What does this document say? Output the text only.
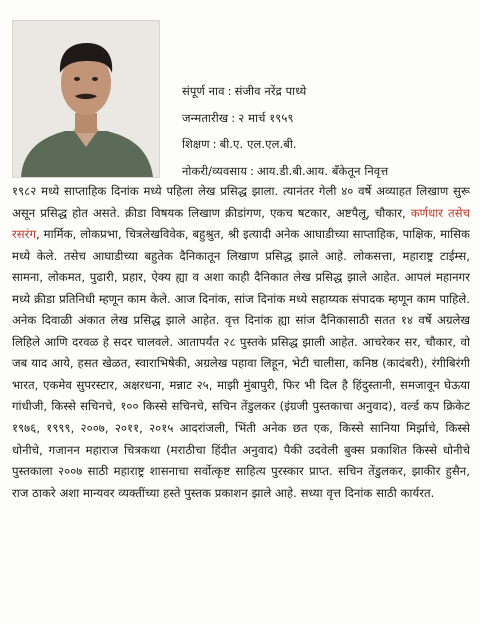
संपूर्ण नाव : संजीव नरेंद्र पाध्ये
जन्मतारीख : २ मार्च १९५९
शिक्षण : बी.ए. एल.एल.बी.
नोकरी/व्यवसाय : आय.डी.बी.आय. बँकेतून निवृत्त

१९८२ मध्ये साप्ताहिक दिनांक मध्ये पहिला लेख प्रसिद्ध झाला. त्यानंतर गेली ४० वर्षे अव्याहत लिखाण सुरू असून प्रसिद्ध होत असते. क्रीडा विषयक लिखाण क्रीडांगण, एकच षटकार, अष्टपैलू, चौकार, कर्णधार तसेच रसरंग, मार्मिक, लोकप्रभा, चित्रलेखविवेक, बहुश्रुत, श्री इत्यादी अनेक आघाडीच्या साप्ताहिक, पाक्षिक, मासिक मध्ये केले. तसेच आघाडीच्या बहुतेक दैनिकातून लिखाण प्रसिद्ध झाले आहे. लोकसत्ता, महाराष्ट्र टाईम्स, सामना, लोकमत, पुढारी, प्रहार, ऐक्य ह्या व अशा काही दैनिकात लेख प्रसिद्ध झाले आहेत. आपलं महानगर मध्ये क्रीडा प्रतिनिधी म्हणून काम केले. आज दिनांक, सांज दिनांक मध्ये सहाय्यक संपादक म्हणून काम पाहिले. अनेक दिवाळी अंकात लेख प्रसिद्ध झाले आहेत. वृत्त दिनांक ह्या सांज दैनिकासाठी सतत १४ वर्षे अग्रलेख लिहिले आणि दरवळ हे सदर चालवले. आतापर्यंत २८ पुस्तके प्रसिद्ध झाली आहेत. आचरेकर सर, चौकार, वो जब याद आये, हसत खेळत, स्वाराभिषेकी, अग्रलेख पहावा लिहून, भेटी चालीसा, कनिष्ठ (कादंबरी), रंगीबिरंगी भारत, एकमेव सुपरस्टार, अक्षरधना, मन्नाट २५, माझी मुंबापुरी, फिर भी दिल है हिंदुस्तानी, समजावून घेऊया गांधीजी, किस्से सचिनचे, १०० किस्से सचिनचे, सचिन तेंडुलकर (इंग्रजी पुस्तकाचा अनुवाद), वर्ल्ड कप क्रिकेट १९७६, १९९९, २००७, २०११, २०१५ आदरांजली, भिंती अनेक छत एक, किस्से सानिया मिर्झाचे, किस्से धोनीचे, गजानन महाराज चित्रकथा (मराठीचा हिंदीत अनुवाद) पैकी उदवेली बुक्स प्रकाशित किस्से धोनीचे पुस्तकाला २००७ साठी महाराष्ट्र शासनाचा सर्वोत्कृष्ट साहित्य पुरस्कार प्राप्त. सचिन तेंडुलकर, झाकीर हुसैन, राज ठाकरे अशा मान्यवर व्यक्तींच्या हस्ते पुस्तक प्रकाशन झाले आहे. सध्या वृत्त दिनांक साठी कार्यरत.
